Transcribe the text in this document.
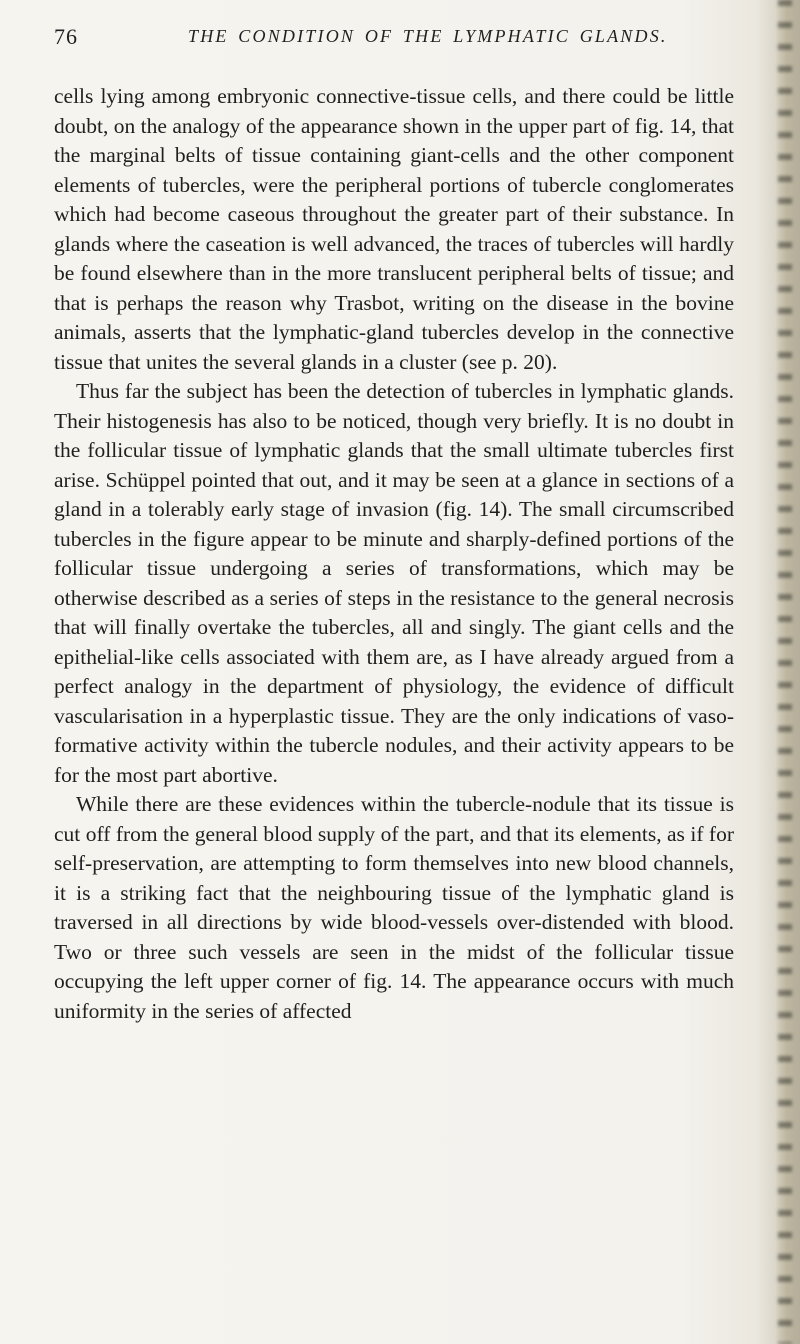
76	THE CONDITION OF THE LYMPHATIC GLANDS.

cells lying among embryonic connective-tissue cells, and there could be little doubt, on the analogy of the appearance shown in the upper part of fig. 14, that the marginal belts of tissue containing giant-cells and the other component elements of tubercles, were the peripheral portions of tubercle conglomerates which had become caseous throughout the greater part of their substance. In glands where the caseation is well advanced, the traces of tubercles will hardly be found elsewhere than in the more translucent peripheral belts of tissue; and that is perhaps the reason why Trasbot, writing on the disease in the bovine animals, asserts that the lymphatic-gland tubercles develop in the connective tissue that unites the several glands in a cluster (see p. 20).

Thus far the subject has been the detection of tubercles in lymphatic glands. Their histogenesis has also to be noticed, though very briefly. It is no doubt in the follicular tissue of lymphatic glands that the small ultimate tubercles first arise. Schüppel pointed that out, and it may be seen at a glance in sections of a gland in a tolerably early stage of invasion (fig. 14). The small circumscribed tubercles in the figure appear to be minute and sharply-defined portions of the follicular tissue undergoing a series of transformations, which may be otherwise described as a series of steps in the resistance to the general necrosis that will finally overtake the tubercles, all and singly. The giant cells and the epithelial-like cells associated with them are, as I have already argued from a perfect analogy in the department of physiology, the evidence of difficult vascularisation in a hyperplastic tissue. They are the only indications of vaso-formative activity within the tubercle nodules, and their activity appears to be for the most part abortive.

While there are these evidences within the tubercle-nodule that its tissue is cut off from the general blood supply of the part, and that its elements, as if for self-preservation, are attempting to form themselves into new blood channels, it is a striking fact that the neighbouring tissue of the lymphatic gland is traversed in all directions by wide blood-vessels over-distended with blood. Two or three such vessels are seen in the midst of the follicular tissue occupying the left upper corner of fig. 14. The appearance occurs with much uniformity in the series of affected
